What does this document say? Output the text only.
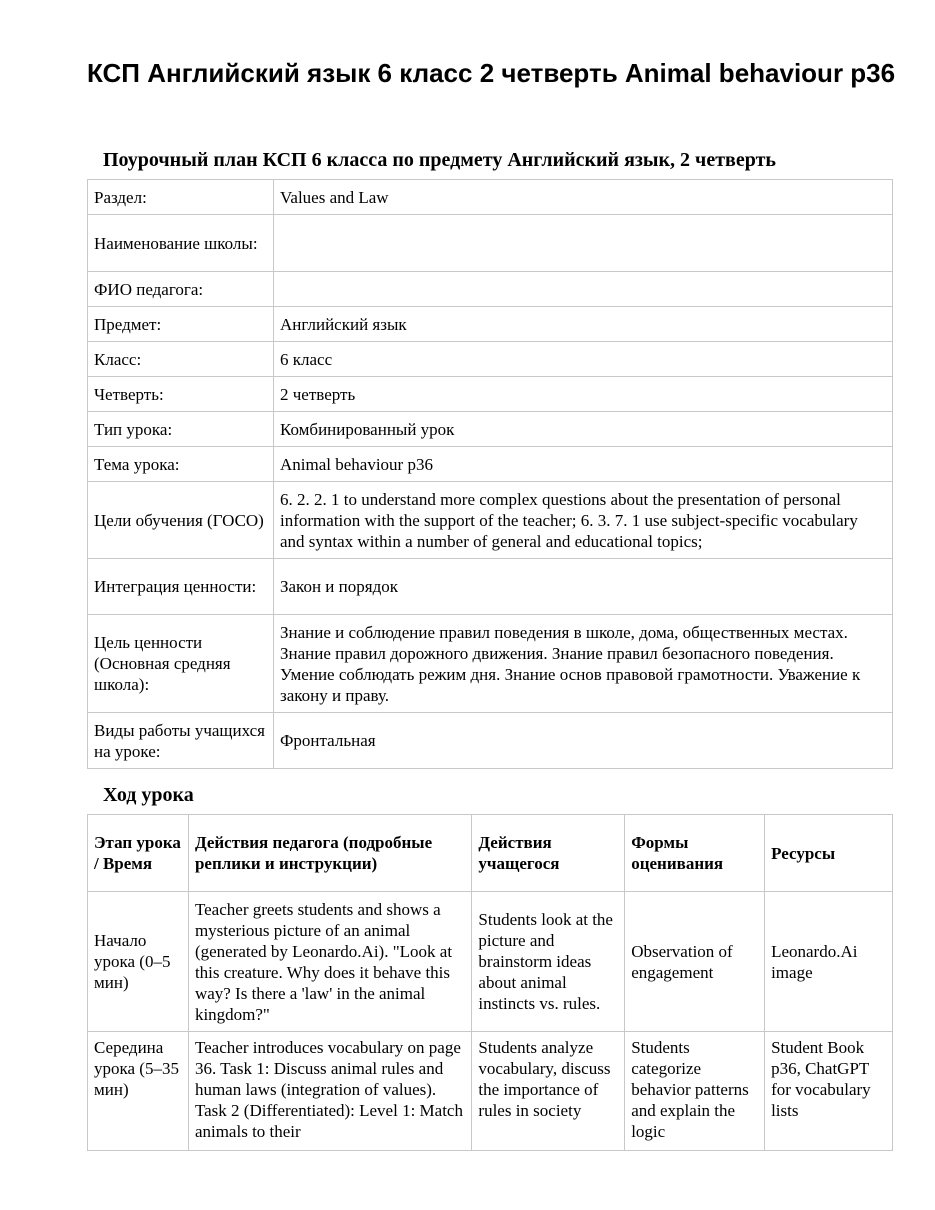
КСП Английский язык 6 класс 2 четверть Animal behaviour p36

Поурочный план КСП 6 класса по предмету Английский язык, 2 четверть

Раздел:	Values and Law
Наименование школы:	
ФИО педагога:	
Предмет:	Английский язык
Класс:	6 класс
Четверть:	2 четверть
Тип урока:	Комбинированный урок
Тема урока:	Animal behaviour p36
Цели обучения (ГОСО)	6. 2. 2. 1 to understand more complex questions about the presentation of personal information with the support of the teacher; 6. 3. 7. 1 use subject-specific vocabulary and syntax within a number of general and educational topics;
Интеграция ценности:	Закон и порядок
Цель ценности (Основная средняя школа):	Знание и соблюдение правил поведения в школе, дома, общественных местах. Знание правил дорожного движения. Знание правил безопасного поведения. Умение соблюдать режим дня. Знание основ правовой грамотности. Уважение к закону и праву.
Виды работы учащихся на уроке:	Фронтальная

Ход урока

Этап урока / Время	Действия педагога (подробные реплики и инструкции)	Действия учащегося	Формы оценивания	Ресурсы
Начало урока (0–5 мин)	Teacher greets students and shows a mysterious picture of an animal (generated by Leonardo.Ai). "Look at this creature. Why does it behave this way? Is there a 'law' in the animal kingdom?"	Students look at the picture and brainstorm ideas about animal instincts vs. rules.	Observation of engagement	Leonardo.Ai image
Середина урока (5–35 мин)	Teacher introduces vocabulary on page 36. Task 1: Discuss animal rules and human laws (integration of values). Task 2 (Differentiated): Level 1: Match animals to their	Students analyze vocabulary, discuss the importance of rules in society	Students categorize behavior patterns and explain the logic	Student Book p36, ChatGPT for vocabulary lists
